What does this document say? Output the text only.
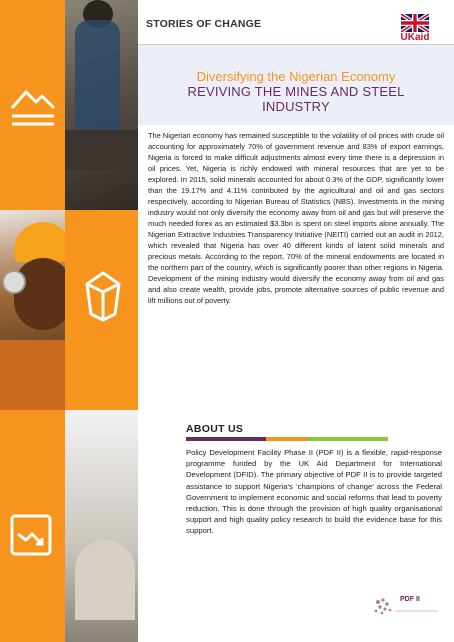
STORIES OF CHANGE
UKaid
Diversifying the Nigerian Economy
REVIVING THE MINES AND STEEL
INDUSTRY
The Nigerian economy has remained susceptible to the volatility of oil prices with crude oil accounting for approximately 70% of government revenue and 83% of export earnings, Nigeria is forced to make difficult adjustments almost every time there is a depression in oil prices. Yet, Nigeria is richly endowed with mineral resources that are yet to be explored. In 2015, solid minerals accounted for about 0.3% of the GDP, significantly lower than the 19.17% and 4.11% contributed by the agricultural and oil and gas sectors respectively, according to Nigerian Bureau of Statistics (NBS). Investments in the mining industry would not only diversify the economy away from oil and gas but will preserve the much needed forex as an estimated $3.3bn is spent on steel imports alone annually. The Nigerian Extractive Industries Transparency Initiative (NEITI) carried out an audit in 2012, which revealed that Nigeria has over 40 different kinds of latent solid minerals and precious metals. According to the report, 70% of the mineral endowments are located in the northern part of the country, which is significantly poorer than other regions in Nigeria. Development of the mining industry would diversify the economy away from oil and gas and also create wealth, provide jobs, promote alternative sources of public revenue and lift millions out of poverty.
ABOUT US
Policy Development Facility Phase II (PDF II) is a flexible, rapid-response programme funded by the UK Aid Department for International Development (DFID). The primary objective of PDF II is to provide targeted assistance to support Nigeria’s ‘champions of change’ across the Federal Government to implement economic and social reforms that lead to poverty reduction. This is done through the provision of high quality organisational support and high quality policy research to build the evidence base for this support.
PDF II
